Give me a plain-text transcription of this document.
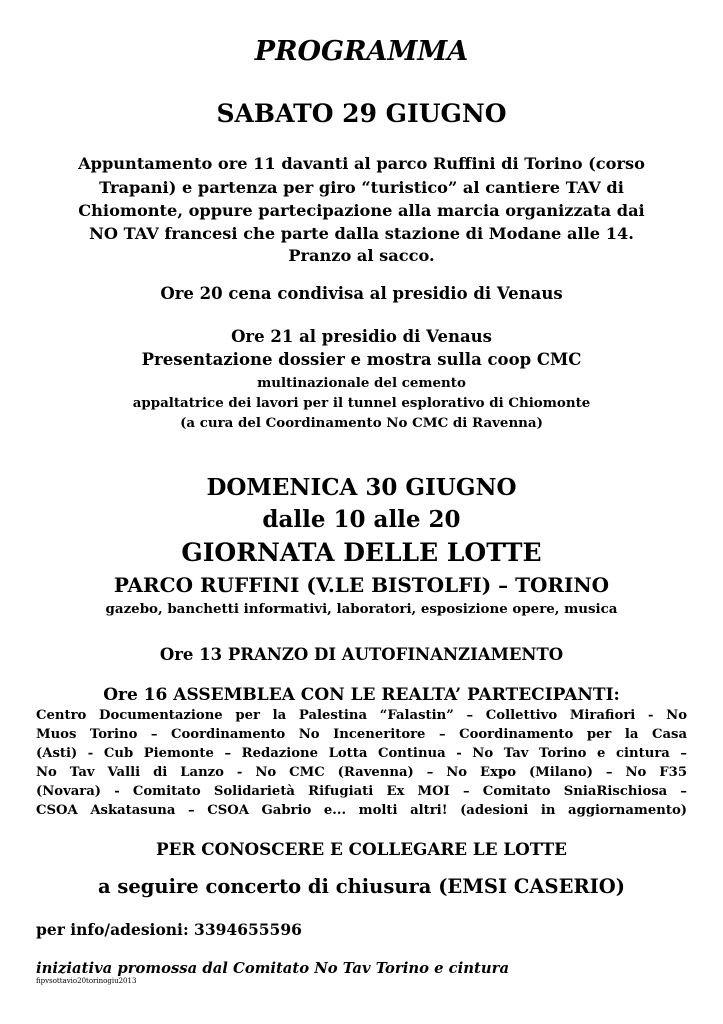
PROGRAMMA
SABATO 29 GIUGNO
Appuntamento ore 11 davanti al parco Ruffini di Torino (corso
Trapani) e partenza per giro “turistico” al cantiere TAV di
Chiomonte, oppure partecipazione alla marcia organizzata dai
NO TAV francesi che parte dalla stazione di Modane alle 14.
Pranzo al sacco.
Ore 20 cena condivisa al presidio di Venaus
Ore 21 al presidio di Venaus
Presentazione dossier e mostra sulla coop CMC
multinazionale del cemento
appaltatrice dei lavori per il tunnel esplorativo di Chiomonte
(a cura del Coordinamento No CMC di Ravenna)
DOMENICA 30 GIUGNO
dalle 10 alle 20
GIORNATA DELLE LOTTE
PARCO RUFFINI (V.LE BISTOLFI) – TORINO
gazebo, banchetti informativi, laboratori, esposizione opere, musica
Ore 13 PRANZO DI AUTOFINANZIAMENTO
Ore 16 ASSEMBLEA CON LE REALTA’ PARTECIPANTI:
Centro Documentazione per la Palestina “Falastin” – Collettivo Mirafiori - No
Muos Torino – Coordinamento No Inceneritore – Coordinamento per la Casa
(Asti) - Cub Piemonte – Redazione Lotta Continua - No Tav Torino e cintura –
No Tav Valli di Lanzo - No CMC (Ravenna) – No Expo (Milano) – No F35
(Novara) - Comitato Solidarietà Rifugiati Ex MOI – Comitato SniaRischiosa –
CSOA Askatasuna – CSOA Gabrio e... molti altri! (adesioni in aggiornamento)
PER CONOSCERE E COLLEGARE LE LOTTE
a seguire concerto di chiusura (EMSI CASERIO)
per info/adesioni: 3394655596
iniziativa promossa dal Comitato No Tav Torino e cintura
fipvsottavio20torinogiu2013
